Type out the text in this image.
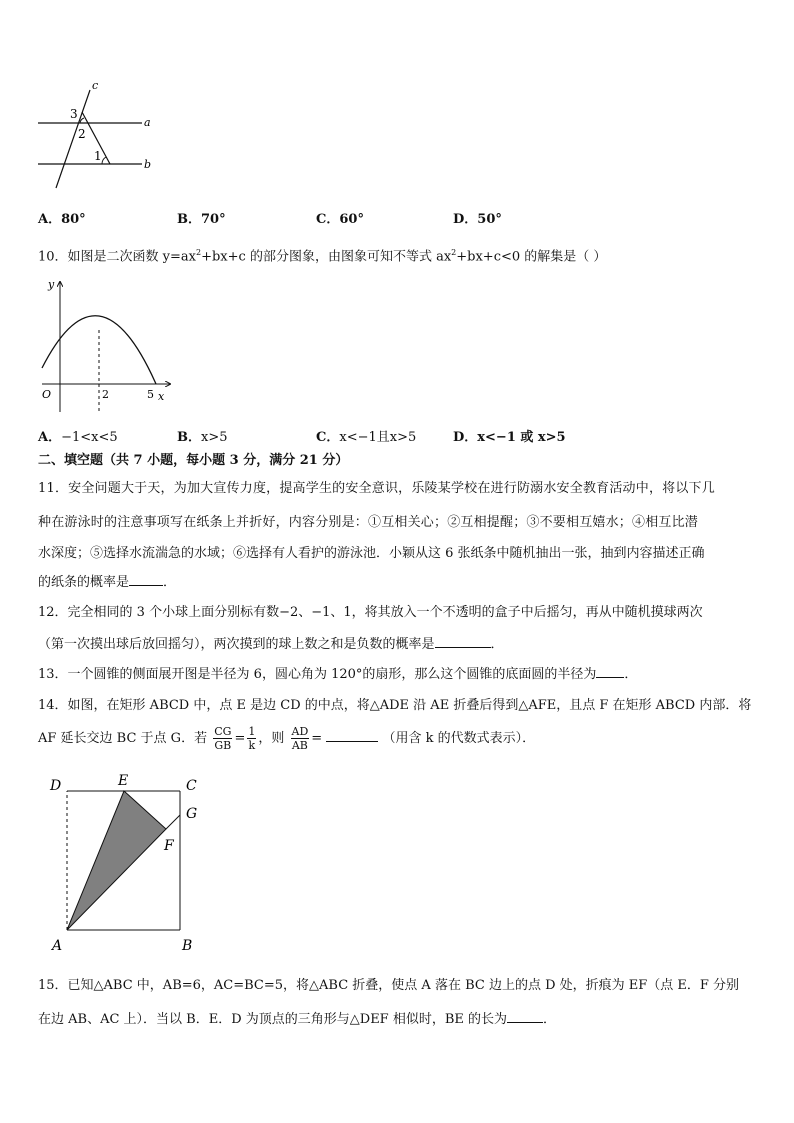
c
a
b
3
2
1
A．80°	B．70°	C．60°	D．50°
10．如图是二次函数 $y=ax^2+bx+c$ 的部分图象，由图象可知不等式 $ax^2+bx+c<0$ 的解集是（ ）
y
x
O	2	5
A．−1<x<5	B．x>5	C．x<−1且x>5	D．x<−1 或 x>5
二、填空题（共 7 小题，每小题 3 分，满分 21 分）
11．安全问题大于天，为加大宣传力度，提高学生的安全意识，乐陵某学校在进行防溺水安全教育活动中，将以下几
种在游泳时的注意事项写在纸条上并折好，内容分别是：①互相关心；②互相提醒；③不要相互嬉水；④相互比潜
水深度；⑤选择水流湍急的水域；⑥选择有人看护的游泳池．小颖从这 6 张纸条中随机抽出一张，抽到内容描述正确
的纸条的概率是	．
12．完全相同的 3 个小球上面分别标有数−2、−1、1，将其放入一个不透明的盒子中后摇匀，再从中随机摸球两次
（第一次摸出球后放回摇匀），两次摸到的球上数之和是负数的概率是	．
13．一个圆锥的侧面展开图是半径为 6，圆心角为 120°的扇形，那么这个圆锥的底面圆的半径为 ．
14．如图，在矩形 ABCD 中，点 E 是边 CD 的中点，将△ADE 沿 AE 折叠后得到△AFE，且点 F 在矩形 ABCD 内部．将
AF 延长交边 BC 于点 G．若 $\frac{CG}{GB} = \frac{1}{k}$ ，则 $\frac{AD}{AB}$ =	（用含 k 的代数式表示）．
D	E	C
G
F
A	B
15．已知△ABC 中，AB=6，AC=BC=5，将△ABC 折叠，使点 A 落在 BC 边上的点 D 处，折痕为 EF（点 E．F 分别
在边 AB、AC 上）．当以 B．E．D 为顶点的三角形与△DEF 相似时，BE 的长为	．
